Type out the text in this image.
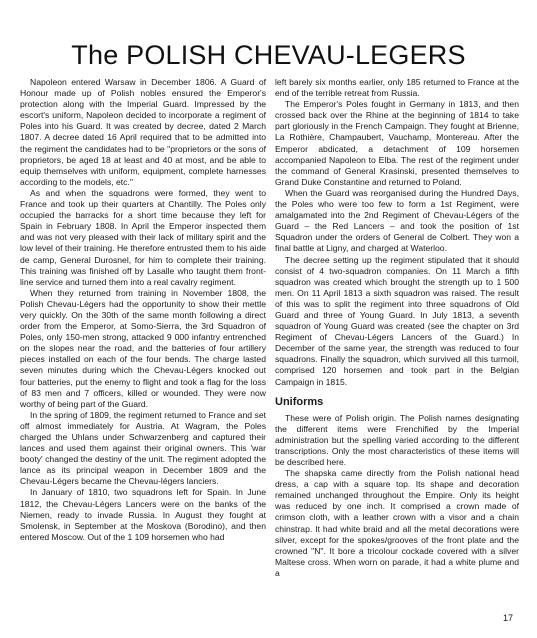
The POLISH CHEVAU-LEGERS

Napoleon entered Warsaw in December 1806. A Guard of Honour made up of Polish nobles ensured the Emperor's protection along with the Imperial Guard. Impressed by the escort's uniform, Napoleon decided to incorporate a regiment of Poles into his Guard. It was created by decree, dated 2 March 1807. A decree dated 16 April required that to be admitted into the regiment the candidates had to be "proprietors or the sons of proprietors, be aged 18 at least and 40 at most, and be able to equip themselves with uniform, equipment, complete harnesses according to the models, etc."

As and when the squadrons were formed, they went to France and took up their quarters at Chantilly. The Poles only occupied the barracks for a short time because they left for Spain in February 1808. In April the Emperor inspected them and was not very pleased with their lack of military spirit and the low level of their training. He therefore entrusted them to his aide de camp, General Durosnel, for him to complete their training. This training was finished off by Lasalle who taught them front-line service and turned them into a real cavalry regiment.

When they returned from training in November 1808, the Polish Chevau-Légers had the opportunity to show their mettle very quickly. On the 30th of the same month following a direct order from the Emperor, at Somo-Sierra, the 3rd Squadron of Poles, only 150-men strong, attacked 9 000 infantry entrenched on the slopes near the road, and the batteries of four artillery pieces installed on each of the four bends. The charge lasted seven minutes during which the Chevau-Légers knocked out four batteries, put the enemy to flight and took a flag for the loss of 83 men and 7 officers, killed or wounded. They were now worthy of being part of the Guard.

In the spring of 1809, the regiment returned to France and set off almost immediately for Austria. At Wagram, the Poles charged the Uhlans under Schwarzenberg and captured their lances and used them against their original owners. This 'war booty' changed the destiny of the unit. The regiment adopted the lance as its principal weapon in December 1809 and the Chevau-Légers became the Chevau-légers lanciers.

In January of 1810, two squadrons left for Spain. In June 1812, the Chevau-Légers Lancers were on the banks of the Niemen, ready to invade Russia. In August they fought at Smolensk, in September at the Moskova (Borodino), and then entered Moscow. Out of the 1 109 horsemen who had

left barely six months earlier, only 185 returned to France at the end of the terrible retreat from Russia.

The Emperor's Poles fought in Germany in 1813, and then crossed back over the Rhine at the beginning of 1814 to take part gloriously in the French Campaign. They fought at Brienne, La Rothière, Champaubert, Vauchamp, Montereau. After the Emperor abdicated, a detachment of 109 horsemen accompanied Napoleon to Elba. The rest of the regiment under the command of General Krasinski, presented themselves to Grand Duke Constantine and returned to Poland.

When the Guard was reorganised during the Hundred Days, the Poles who were too few to form a 1st Regiment, were amalgamated into the 2nd Regiment of Chevau-Légers of the Guard – the Red Lancers – and took the position of 1st Squadron under the orders of General de Colbert. They won a final battle at Ligny, and charged at Waterloo.

The decree setting up the regiment stipulated that it should consist of 4 two-squadron companies. On 11 March a fifth squadron was created which brought the strength up to 1 500 men. On 11 April 1813 a sixth squadron was raised. The result of this was to split the regiment into three squadrons of Old Guard and three of Young Guard. In July 1813, a seventh squadron of Young Guard was created (see the chapter on 3rd Regiment of Chevau-Légers Lancers of the Guard.) In December of the same year, the strength was reduced to four squadrons. Finally the squadron, which survived all this turmoil, comprised 120 horsemen and took part in the Belgian Campaign in 1815.

Uniforms

These were of Polish origin. The Polish names designating the different items were Frenchified by the Imperial administration but the spelling varied according to the different transcriptions. Only the most characteristics of these items will be described here.

The shapska came directly from the Polish national head dress, a cap with a square top. Its shape and decoration remained unchanged throughout the Empire. Only its height was reduced by one inch. It comprised a crown made of crimson cloth, with a leather crown with a visor and a chain chinstrap. It had white braid and all the metal decorations were silver, except for the spokes/grooves of the front plate and the crowned "N". It bore a tricolour cockade covered with a silver Maltese cross. When worn on parade, it had a white plume and a

17
